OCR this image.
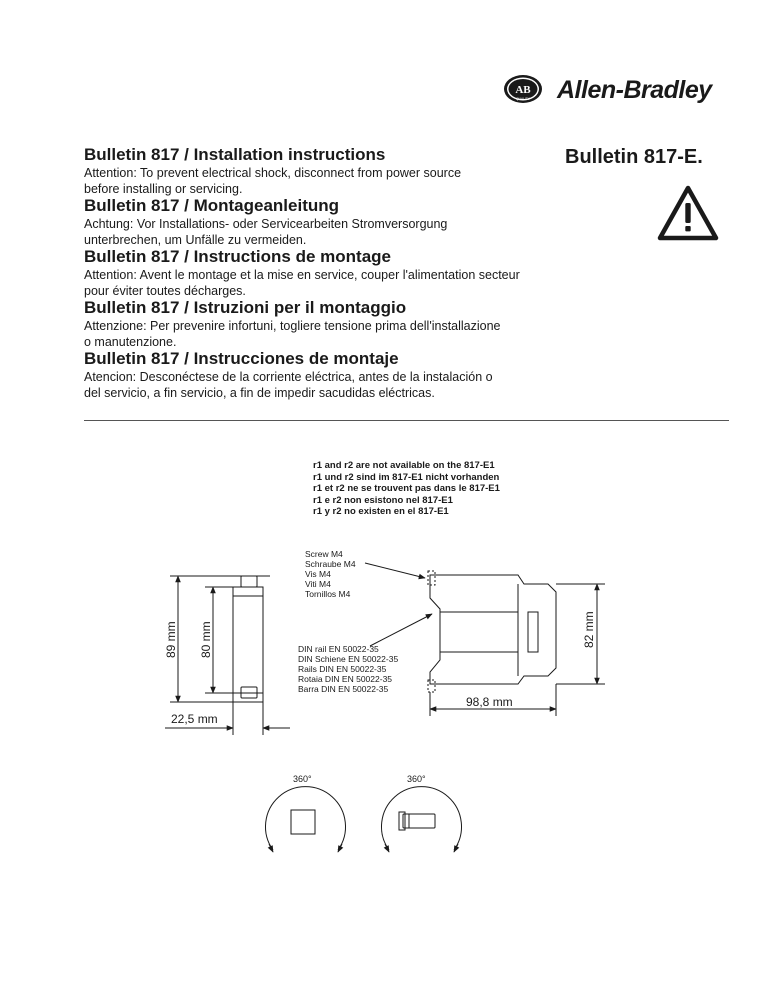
AB
QUALITY Allen-Bradley
Bulletin 817-E.
Bulletin 817 / Installation instructions

Attention: To prevent electrical shock, disconnect from power source

before installing or servicing.

Bulletin 817 / Montageanleitung

Achtung: Vor Installations- oder Servicearbeiten Stromversorgung

unterbrechen, um Unfälle zu vermeiden.

Bulletin 817 / Instructions de montage

Attention: Avent le montage et la mise en service, couper l'alimentation secteur

pour éviter toutes décharges.

Bulletin 817 / Istruzioni per il montaggio

Attenzione: Per prevenire infortuni, togliere tensione prima dell'installazione

o manutenzione.

Bulletin 817 / Instrucciones de montaje

Atencion: Desconéctese de la corriente eléctrica, antes de la instalación o

del servicio, a fin servicio, a fin de impedir sacudidas eléctricas.

r1 and r2 are not available on the 817-E1
r1 und r2 sind im 817-E1 nicht vorhanden
r1 et r2 ne se trouvent pas dans le 817-E1
r1 e r2 non esistono nel 817-E1
r1 y r2 no existen en el 817-E1
Screw M4
Schraube M4
Vis M4
Viti M4
Tornillos M4
DIN rail EN 50022-35
DIN Schiene EN 50022-35
Rails DIN EN 50022-35
Rotaia DIN EN 50022-35
Barra DIN EN 50022-35
89 mm 80 mm	82 mm
22,5 mm
98,8 mm
360°	360°
